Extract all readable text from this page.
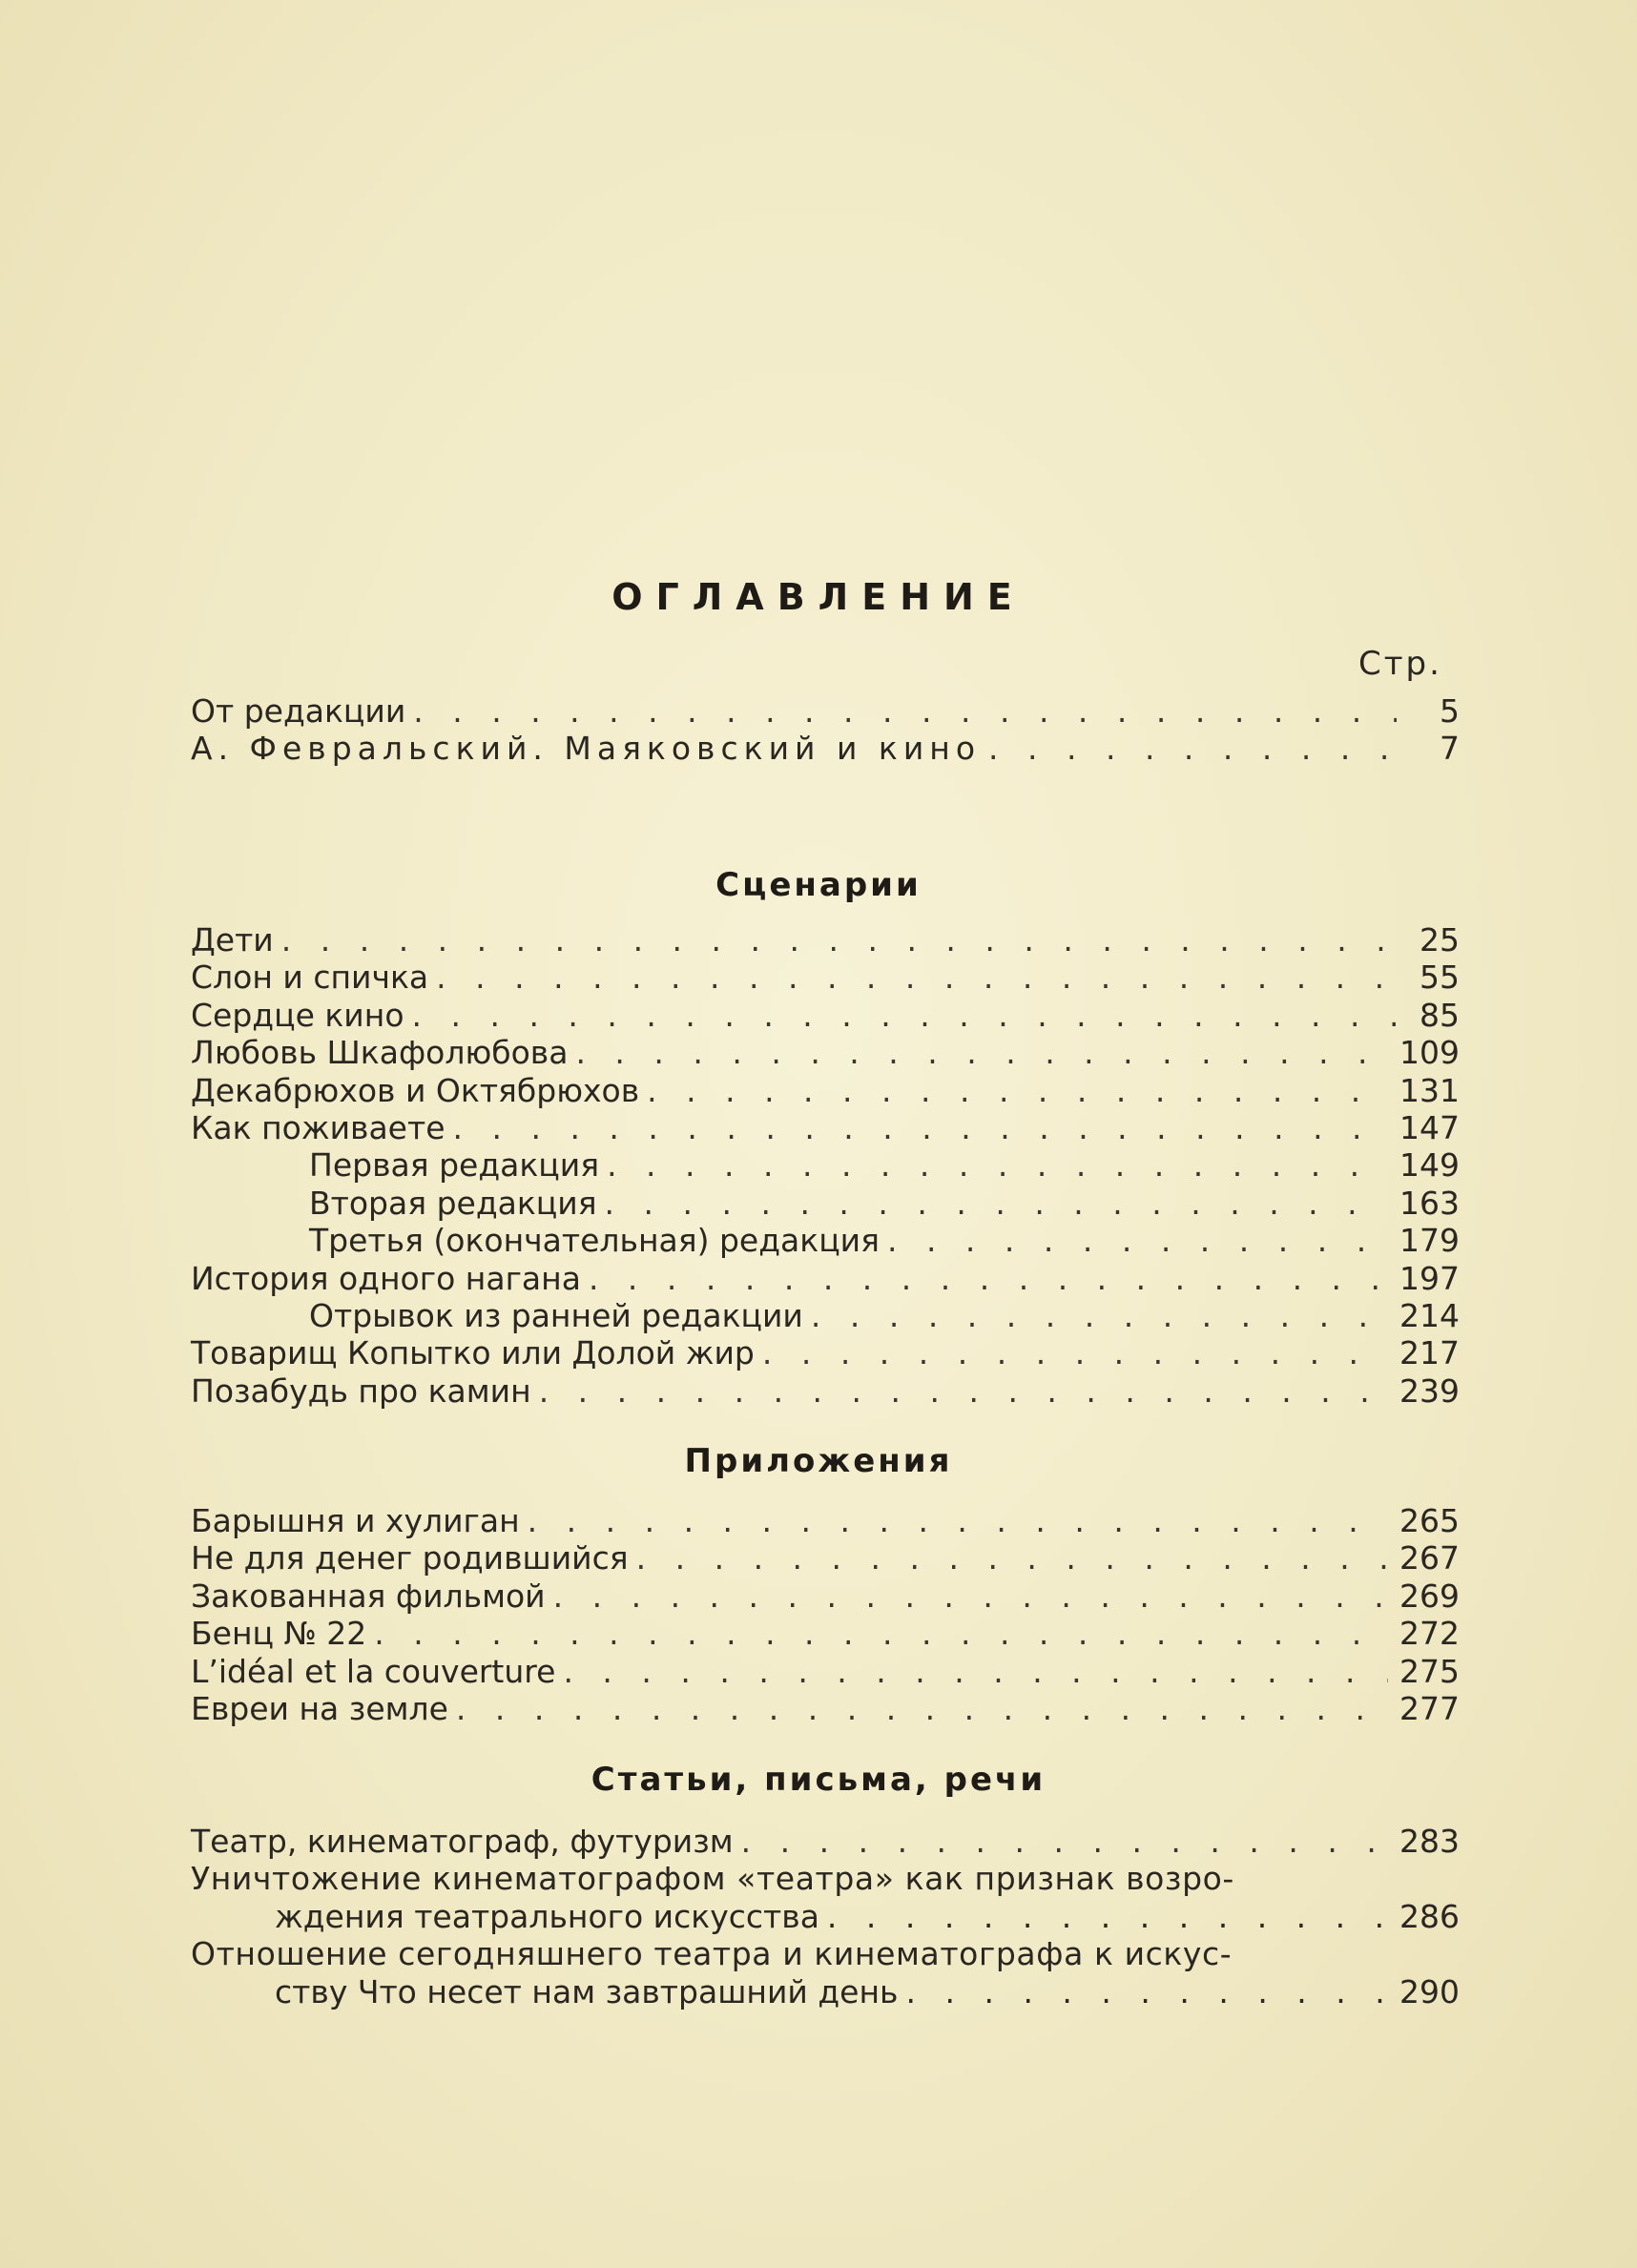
ОГЛАВЛЕНИЕ
Стр.
От редакции . . .	5
А. Февральский. Маяковский и кино . . .	7
Сценарии
Дети . . .	25
Слон и спичка . . .	55
Сердце кино . . .	85
Любовь Шкафолюбова . . .	109
Декабрюхов и Октябрюхов . . .	131
Как поживаете . . .	147
Первая редакция . . .	149
Вторая редакция . . .	163
Третья (окончательная) редакция . . .	179
История одного нагана . . .	197
Отрывок из ранней редакции . . .	214
Товарищ Копытко или Долой жир . . .	217
Позабудь про камин . . .	239
Приложения
Барышня и хулиган . . .	265
Не для денег родившийся . . .	267
Закованная фильмой . . .	269
Бенц № 22 . . .	272
L’idéal et la couverture . . .	275
Евреи на земле . . .	277
Статьи, письма, речи
Театр, кинематограф, футуризм . . .	283
Уничтожение кинематографом «театра» как признак возро-
ждения театрального искусства . . .	286
Отношение сегодняшнего театра и кинематографа к искус-
ству Что несет нам завтрашний день . . .	290
